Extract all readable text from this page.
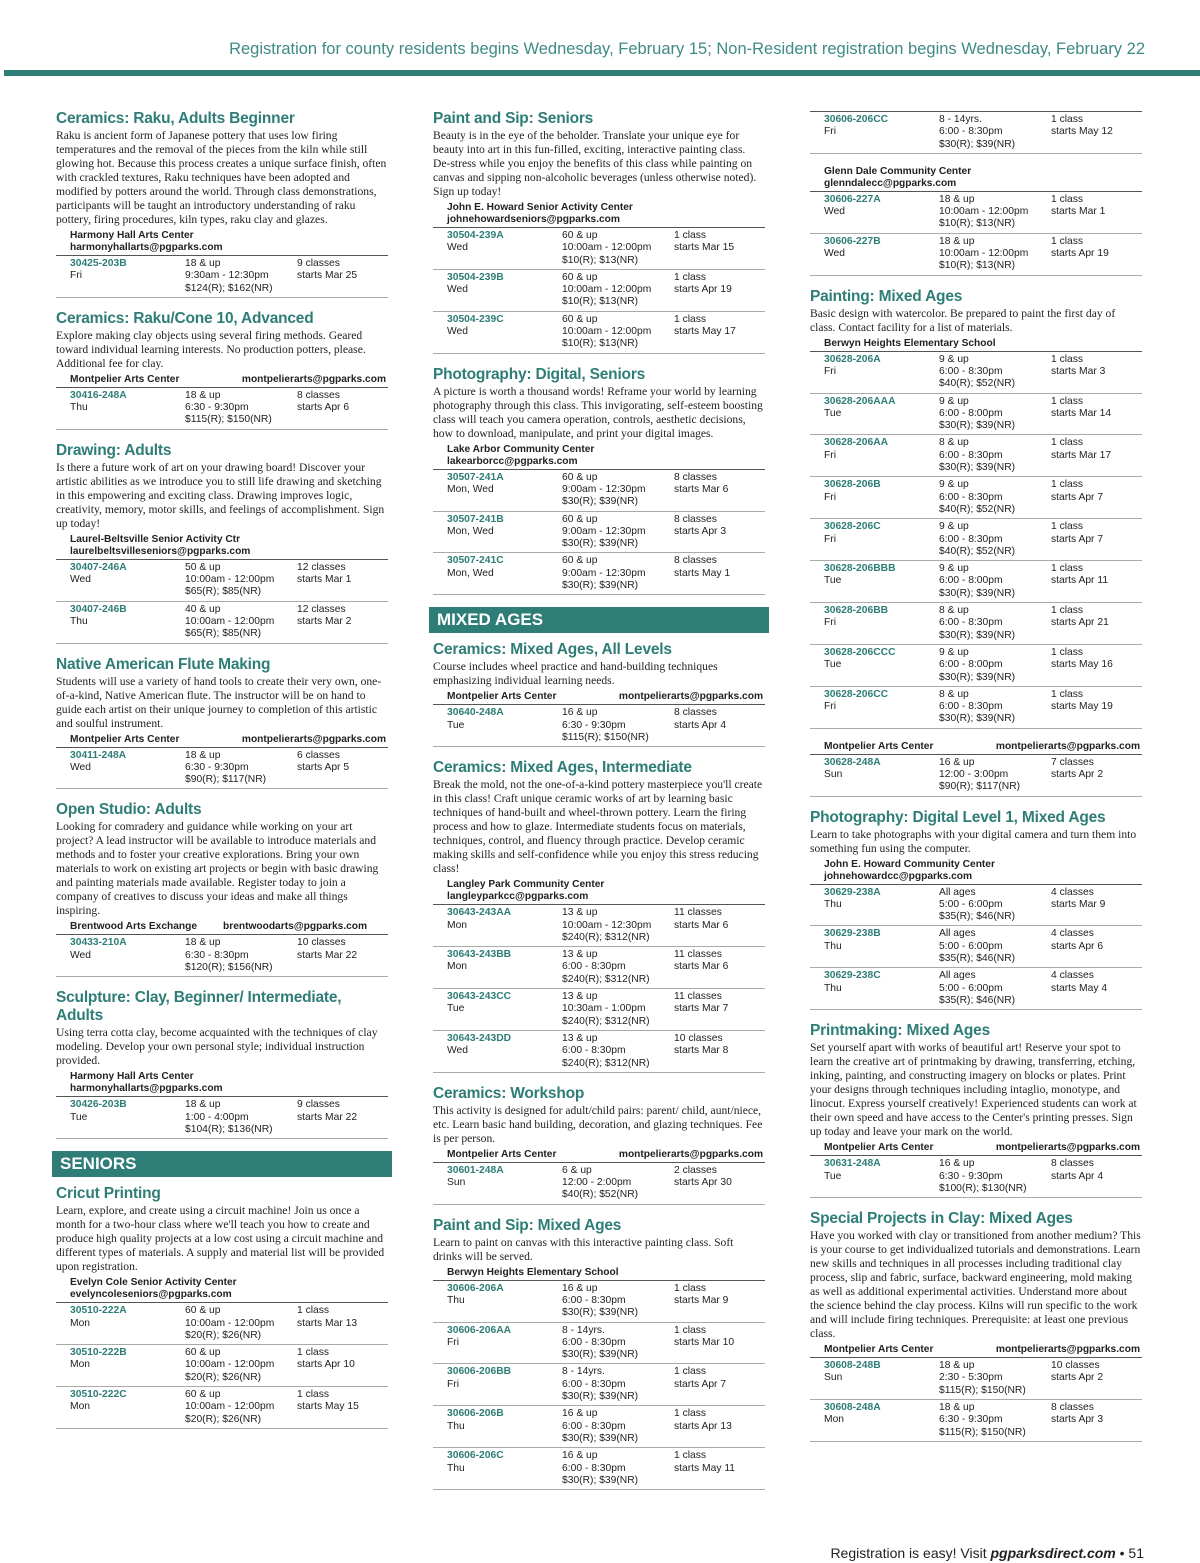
Registration for county residents begins Wednesday, February 15; Non-Resident registration begins Wednesday, February 22
Ceramics: Raku, Adults Beginner
Raku is ancient form of Japanese pottery that uses low firing temperatures and the removal of the pieces from the kiln while still glowing hot. Because this process creates a unique surface finish, often with crackled textures, Raku techniques have been adopted and modified by potters around the world. Through class demonstrations, participants will be taught an introductory understanding of raku pottery, firing procedures, kiln types, raku clay and glazes.
Harmony Hall Arts Center
harmonyhallarts@pgparks.com
30425-203B	18 & up	9 classes
Fri	9:30am - 12:30pm	starts Mar 25
$124(R); $162(NR)
Ceramics: Raku/Cone 10, Advanced
Explore making clay objects using several firing methods. Geared toward individual learning interests. No production potters, please. Additional fee for clay.
Montpelier Arts Center	montpelierarts@pgparks.com
30416-248A	18 & up	8 classes
Thu	6:30 - 9:30pm	starts Apr 6
$115(R); $150(NR)
Drawing: Adults
Is there a future work of art on your drawing board! Discover your artistic abilities as we introduce you to still life drawing and sketching in this empowering and exciting class. Drawing improves logic, creativity, memory, motor skills, and feelings of accomplishment. Sign up today!
Laurel-Beltsville Senior Activity Ctr
laurelbeltsvilleseniors@pgparks.com
30407-246A	50 & up	12 classes
Wed	10:00am - 12:00pm	starts Mar 1
$65(R); $85(NR)
30407-246B	40 & up	12 classes
Thu	10:00am - 12:00pm	starts Mar 2
$65(R); $85(NR)
Native American Flute Making
Students will use a variety of hand tools to create their very own, one-of-a-kind, Native American flute. The instructor will be on hand to guide each artist on their unique journey to completion of this artistic and soulful instrument.
Montpelier Arts Center	montpelierarts@pgparks.com
30411-248A	18 & up	6 classes
Wed	6:30 - 9:30pm	starts Apr 5
$90(R); $117(NR)
Open Studio: Adults
Looking for comradery and guidance while working on your art project? A lead instructor will be available to introduce materials and methods and to foster your creative explorations. Bring your own materials to work on existing art projects or begin with basic drawing and painting materials made available. Register today to join a company of creatives to discuss your ideas and make all things inspiring.
Brentwood Arts Exchange	brentwoodarts@pgparks.com
30433-210A	18 & up	10 classes
Wed	6:30 - 8:30pm	starts Mar 22
$120(R); $156(NR)
Sculpture: Clay, Beginner/ Intermediate, Adults
Using terra cotta clay, become acquainted with the techniques of clay modeling. Develop your own personal style; individual instruction provided.
Harmony Hall Arts Center
harmonyhallarts@pgparks.com
30426-203B	18 & up	9 classes
Tue	1:00 - 4:00pm	starts Mar 22
$104(R); $136(NR)
SENIORS
Cricut Printing
Learn, explore, and create using a circuit machine! Join us once a month for a two-hour class where we'll teach you how to create and produce high quality projects at a low cost using a circuit machine and different types of materials. A supply and material list will be provided upon registration.
Evelyn Cole Senior Activity Center
evelyncoleseniors@pgparks.com
30510-222A	60 & up	1 class
Mon	10:00am - 12:00pm	starts Mar 13
$20(R); $26(NR)
30510-222B	60 & up	1 class
Mon	10:00am - 12:00pm	starts Apr 10
$20(R); $26(NR)
30510-222C	60 & up	1 class
Mon	10:00am - 12:00pm	starts May 15
$20(R); $26(NR)
Paint and Sip: Seniors
Beauty is in the eye of the beholder. Translate your unique eye for beauty into art in this fun-filled, exciting, interactive painting class. De-stress while you enjoy the benefits of this class while painting on canvas and sipping non-alcoholic beverages (unless otherwise noted). Sign up today!
John E. Howard Senior Activity Center
johnehowardseniors@pgparks.com
30504-239A	60 & up	1 class
Wed	10:00am - 12:00pm	starts Mar 15
$10(R); $13(NR)
30504-239B	60 & up	1 class
Wed	10:00am - 12:00pm	starts Apr 19
$10(R); $13(NR)
30504-239C	60 & up	1 class
Wed	10:00am - 12:00pm	starts May 17
$10(R); $13(NR)
Photography: Digital, Seniors
A picture is worth a thousand words! Reframe your world by learning photography through this class. This invigorating, self-esteem boosting class will teach you camera operation, controls, aesthetic decisions, how to download, manipulate, and print your digital images.
Lake Arbor Community Center
lakearborcc@pgparks.com
30507-241A	60 & up	8 classes
Mon, Wed	9:00am - 12:30pm	starts Mar 6
$30(R); $39(NR)
30507-241B	60 & up	8 classes
Mon, Wed	9:00am - 12:30pm	starts Apr 3
$30(R); $39(NR)
30507-241C	60 & up	8 classes
Mon, Wed	9:00am - 12:30pm	starts May 1
$30(R); $39(NR)
MIXED AGES
Ceramics: Mixed Ages, All Levels
Course includes wheel practice and hand-building techniques emphasizing individual learning needs.
Montpelier Arts Center	montpelierarts@pgparks.com
30640-248A	16 & up	8 classes
Tue	6:30 - 9:30pm	starts Apr 4
$115(R); $150(NR)
Ceramics: Mixed Ages, Intermediate
Break the mold, not the one-of-a-kind pottery masterpiece you'll create in this class! Craft unique ceramic works of art by learning basic techniques of hand-built and wheel-thrown pottery. Learn the firing process and how to glaze. Intermediate students focus on materials, techniques, control, and fluency through practice. Develop ceramic making skills and self-confidence while you enjoy this stress reducing class!
Langley Park Community Center
langleyparkcc@pgparks.com
30643-243AA	13 & up	11 classes
Mon	10:00am - 12:30pm	starts Mar 6
$240(R); $312(NR)
30643-243BB	13 & up	11 classes
Mon	6:00 - 8:30pm	starts Mar 6
$240(R); $312(NR)
30643-243CC	13 & up	11 classes
Tue	10:30am - 1:00pm	starts Mar 7
$240(R); $312(NR)
30643-243DD	13 & up	10 classes
Wed	6:00 - 8:30pm	starts Mar 8
$240(R); $312(NR)
Ceramics: Workshop
This activity is designed for adult/child pairs: parent/ child, aunt/niece, etc. Learn basic hand building, decoration, and glazing techniques. Fee is per person.
Montpelier Arts Center	montpelierarts@pgparks.com
30601-248A	6 & up	2 classes
Sun	12:00 - 2:00pm	starts Apr 30
$40(R); $52(NR)
Paint and Sip: Mixed Ages
Learn to paint on canvas with this interactive painting class. Soft drinks will be served.
Berwyn Heights Elementary School
30606-206A	16 & up	1 class
Thu	6:00 - 8:30pm	starts Mar 9
$30(R); $39(NR)
30606-206AA	8 - 14yrs.	1 class
Fri	6:00 - 8:30pm	starts Mar 10
$30(R); $39(NR)
30606-206BB	8 - 14yrs.	1 class
Fri	6:00 - 8:30pm	starts Apr 7
$30(R); $39(NR)
30606-206B	16 & up	1 class
Thu	6:00 - 8:30pm	starts Apr 13
$30(R); $39(NR)
30606-206C	16 & up	1 class
Thu	6:00 - 8:30pm	starts May 11
$30(R); $39(NR)
30606-206CC	8 - 14yrs.	1 class
Fri	6:00 - 8:30pm	starts May 12
$30(R); $39(NR)
Glenn Dale Community Center
glenndalecc@pgparks.com
30606-227A	18 & up	1 class
Wed	10:00am - 12:00pm	starts Mar 1
$10(R); $13(NR)
30606-227B	18 & up	1 class
Wed	10:00am - 12:00pm	starts Apr 19
$10(R); $13(NR)
Painting: Mixed Ages
Basic design with watercolor. Be prepared to paint the first day of class. Contact facility for a list of materials.
Berwyn Heights Elementary School
30628-206A	9 & up	1 class
Fri	6:00 - 8:30pm	starts Mar 3
$40(R); $52(NR)
30628-206AAA	9 & up	1 class
Tue	6:00 - 8:00pm	starts Mar 14
$30(R); $39(NR)
30628-206AA	8 & up	1 class
Fri	6:00 - 8:30pm	starts Mar 17
$30(R); $39(NR)
30628-206B	9 & up	1 class
Fri	6:00 - 8:30pm	starts Apr 7
$40(R); $52(NR)
30628-206C	9 & up	1 class
Fri	6:00 - 8:30pm	starts Apr 7
$40(R); $52(NR)
30628-206BBB	9 & up	1 class
Tue	6:00 - 8:00pm	starts Apr 11
$30(R); $39(NR)
30628-206BB	8 & up	1 class
Fri	6:00 - 8:30pm	starts Apr 21
$30(R); $39(NR)
30628-206CCC	9 & up	1 class
Tue	6:00 - 8:00pm	starts May 16
$30(R); $39(NR)
30628-206CC	8 & up	1 class
Fri	6:00 - 8:30pm	starts May 19
$30(R); $39(NR)
Montpelier Arts Center	montpelierarts@pgparks.com
30628-248A	16 & up	7 classes
Sun	12:00 - 3:00pm	starts Apr 2
$90(R); $117(NR)
Photography: Digital Level 1, Mixed Ages
Learn to take photographs with your digital camera and turn them into something fun using the computer.
John E. Howard Community Center
johnehowardcc@pgparks.com
30629-238A	All ages	4 classes
Thu	5:00 - 6:00pm	starts Mar 9
$35(R); $46(NR)
30629-238B	All ages	4 classes
Thu	5:00 - 6:00pm	starts Apr 6
$35(R); $46(NR)
30629-238C	All ages	4 classes
Thu	5:00 - 6:00pm	starts May 4
$35(R); $46(NR)
Printmaking: Mixed Ages
Set yourself apart with works of beautiful art! Reserve your spot to learn the creative art of printmaking by drawing, transferring, etching, inking, painting, and constructing imagery on blocks or plates. Print your designs through techniques including intaglio, monotype, and linocut. Express yourself creatively! Experienced students can work at their own speed and have access to the Center's printing presses. Sign up today and leave your mark on the world.
Montpelier Arts Center	montpelierarts@pgparks.com
30631-248A	16 & up	8 classes
Tue	6:30 - 9:30pm	starts Apr 4
$100(R); $130(NR)
Special Projects in Clay: Mixed Ages
Have you worked with clay or transitioned from another medium? This is your course to get individualized tutorials and demonstrations. Learn new skills and techniques in all processes including traditional clay process, slip and fabric, surface, backward engineering, mold making as well as additional experimental activities. Understand more about the science behind the clay process. Kilns will run specific to the work and will include firing techniques. Prerequisite: at least one previous class.
Montpelier Arts Center	montpelierarts@pgparks.com
30608-248B	18 & up	10 classes
Sun	2:30 - 5:30pm	starts Apr 2
$115(R); $150(NR)
30608-248A	18 & up	8 classes
Mon	6:30 - 9:30pm	starts Apr 3
$115(R); $150(NR)
Registration is easy! Visit pgparksdirect.com • 51
